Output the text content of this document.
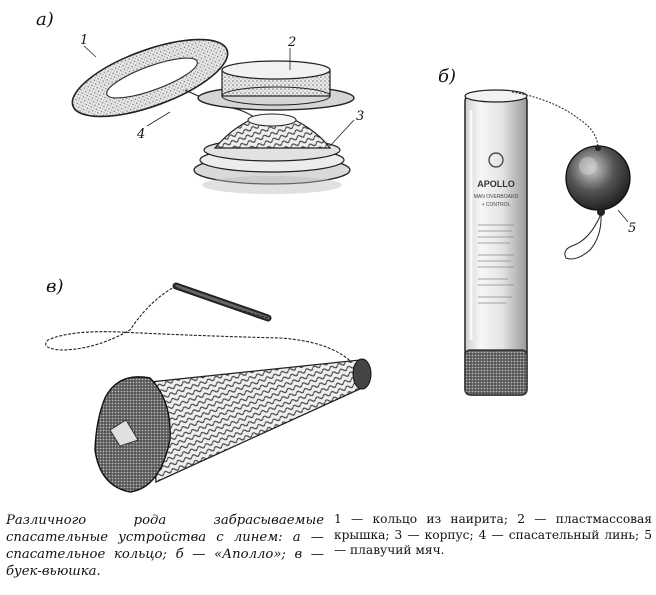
а)
1	2
3
4
б)
APOLLO
MAN OVERBOARD
+ CONTROL
5
в)
Различного рода забрасываемые спасательные устройства с линем: а — спасательное кольцо; б — «Аполло»; в — буек-вьюшка.
1 — кольцо из наирита; 2 — пластмассовая крышка; 3 — корпус; 4 — спасательный линь; 5 — плавучий мяч.
